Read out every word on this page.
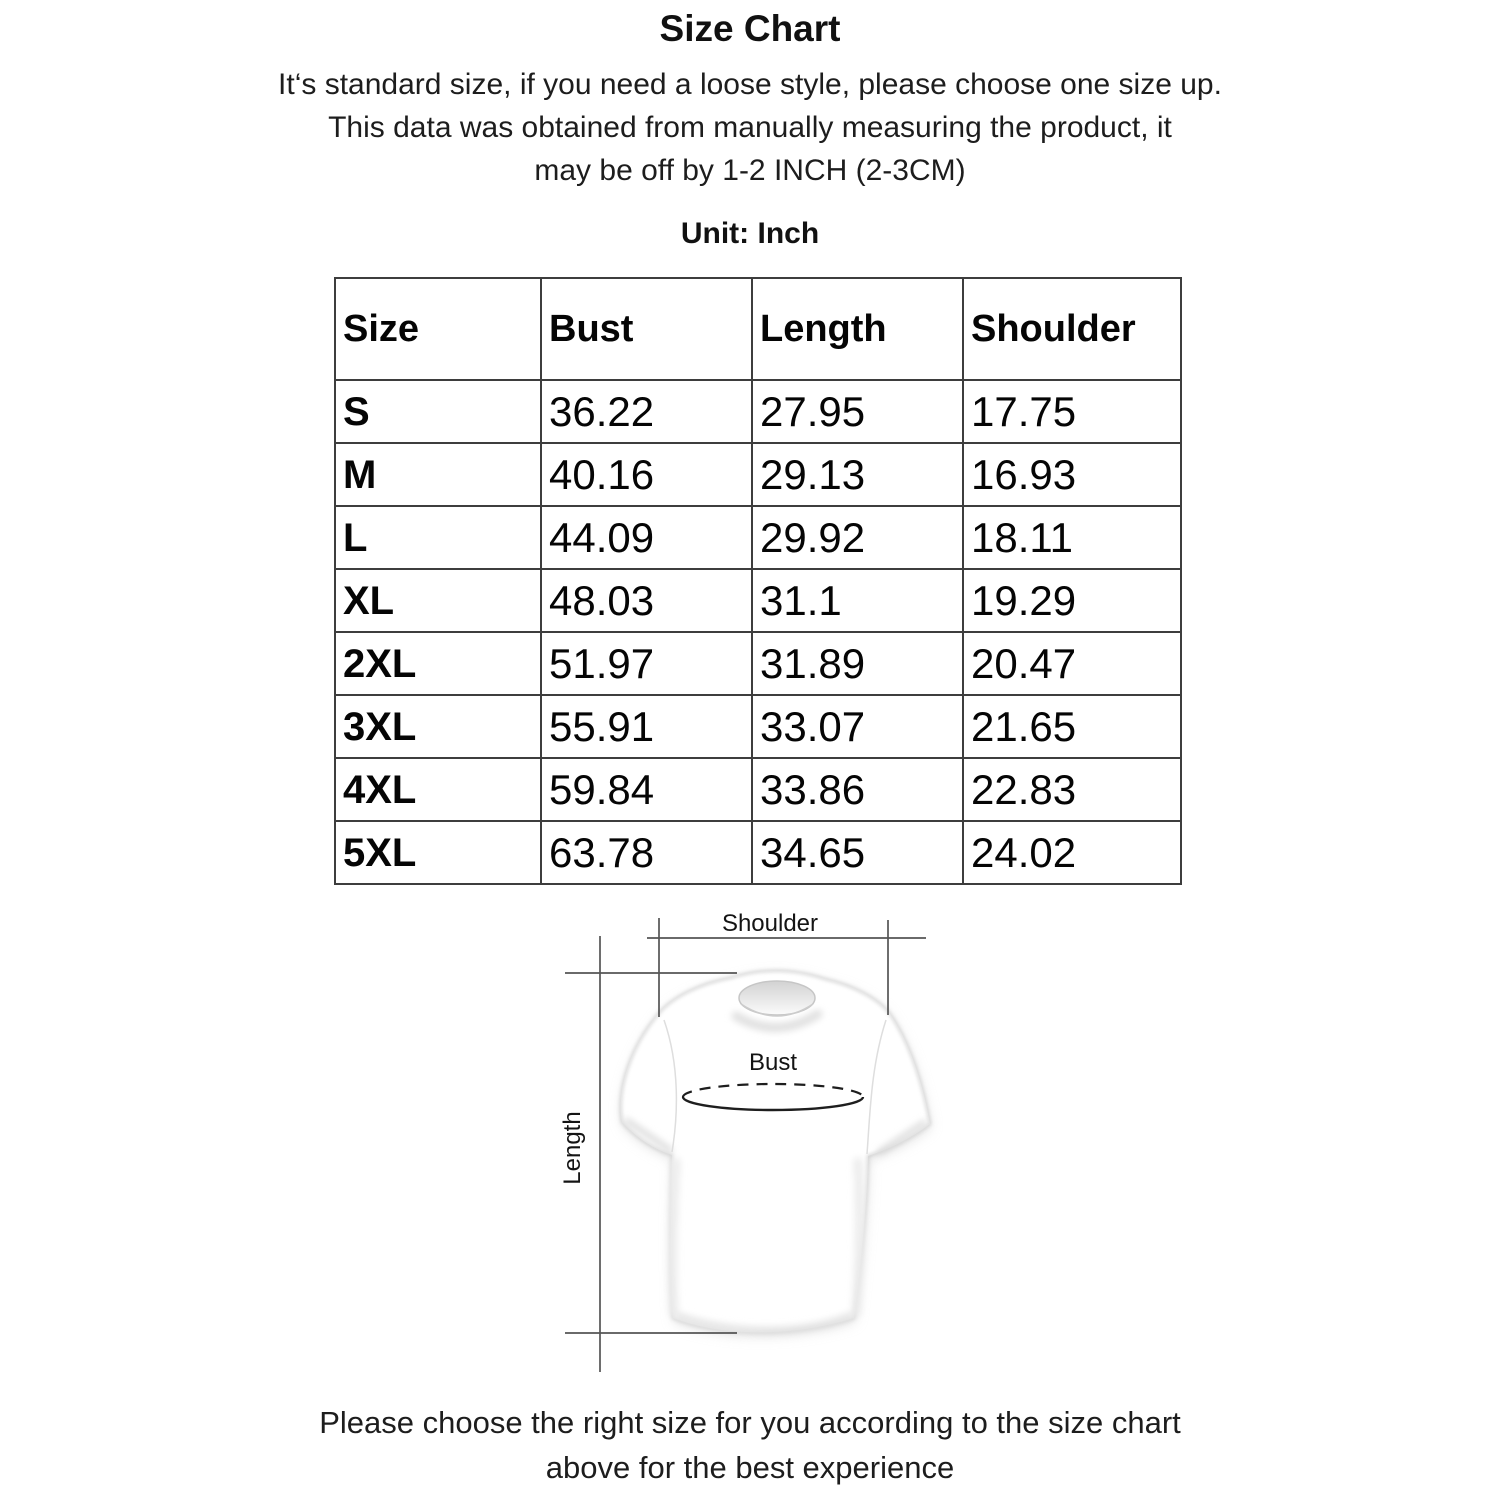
Size Chart
It‘s standard size, if you need a loose style, please choose one size up.
This data was obtained from manually measuring the product, it
may be off by 1-2 INCH (2-3CM)
Unit: Inch
Size	Bust	Length	Shoulder
S	36.22	27.95	17.75
M	40.16	29.13	16.93
L	44.09	29.92	18.11
XL	48.03	31.1	19.29
2XL	51.97	31.89	20.47
3XL	55.91	33.07	21.65
4XL	59.84	33.86	22.83
5XL	63.78	34.65	24.02
Shoulder
Length
Bust
Please choose the right size for you according to the size chart
above for the best experience
